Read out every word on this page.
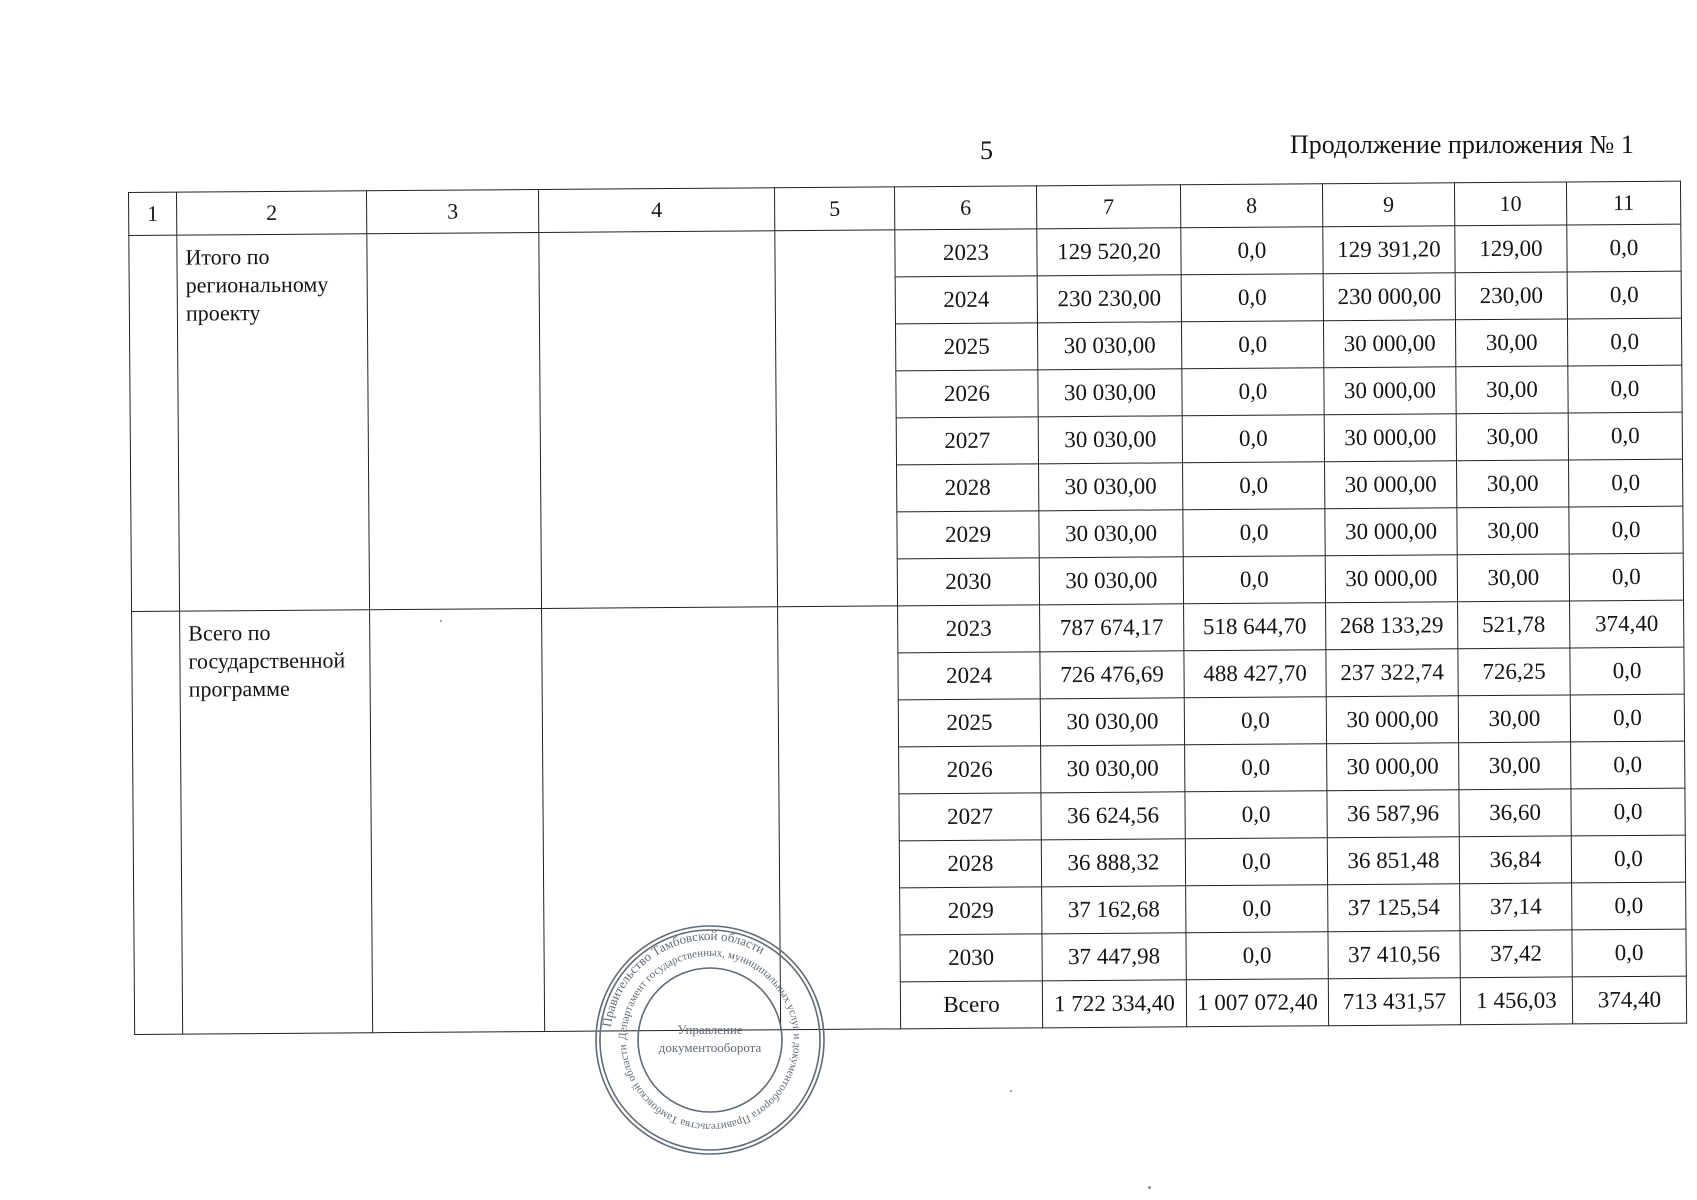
5	Продолжение приложения № 1
1	2	3	4	5	6	7	8	9	10	11
	Итого по региональному проекту				2023	129 520,20	0,0	129 391,20	129,00	0,0
					2024	230 230,00	0,0	230 000,00	230,00	0,0
					2025	30 030,00	0,0	30 000,00	30,00	0,0
					2026	30 030,00	0,0	30 000,00	30,00	0,0
					2027	30 030,00	0,0	30 000,00	30,00	0,0
					2028	30 030,00	0,0	30 000,00	30,00	0,0
					2029	30 030,00	0,0	30 000,00	30,00	0,0
					2030	30 030,00	0,0	30 000,00	30,00	0,0
	Всего по государственной программе				2023	787 674,17	518 644,70	268 133,29	521,78	374,40
					2024	726 476,69	488 427,70	237 322,74	726,25	0,0
					2025	30 030,00	0,0	30 000,00	30,00	0,0
					2026	30 030,00	0,0	30 000,00	30,00	0,0
					2027	36 624,56	0,0	36 587,96	36,60	0,0
					2028	36 888,32	0,0	36 851,48	36,84	0,0
					2029	37 162,68	0,0	37 125,54	37,14	0,0
					2030	37 447,98	0,0	37 410,56	37,42	0,0
					Всего	1 722 334,40	1 007 072,40	713 431,57	1 456,03	374,40
Правительство Тамбовской области
Департамент государственных, муниципальных услуг и документооборота Правительства Тамбовской области
Управление
документооборота
